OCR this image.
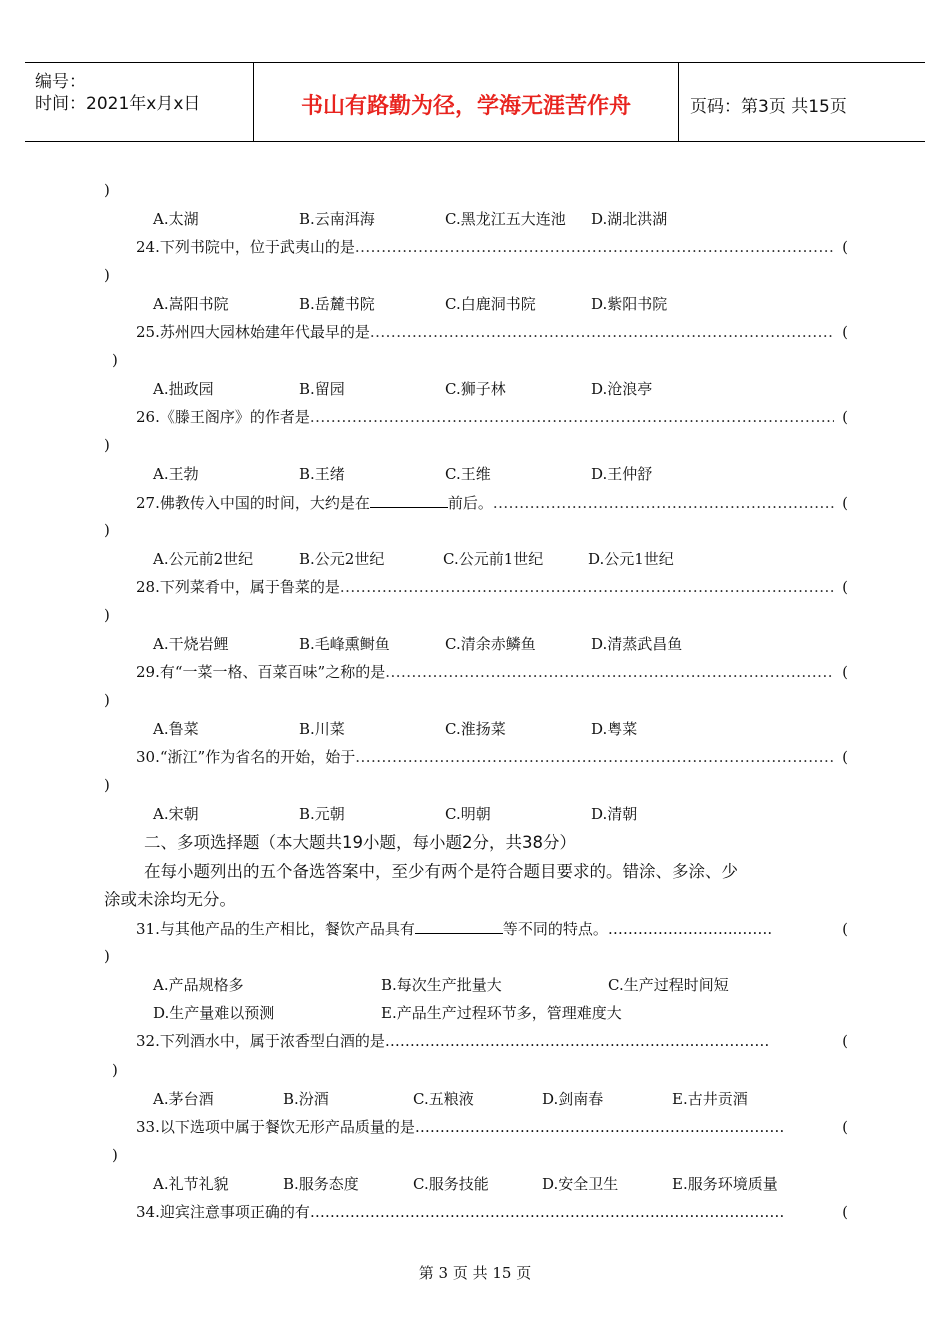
编号：
时间：2021年x月x日	书山有路勤为径，学海无涯苦作舟	页码：第3页 共15页
)
A.太湖	B.云南洱海	C.黑龙江五大连池 D.湖北洪湖
24.下列书院中，位于武夷山的是 .....	(
)
A.嵩阳书院	B.岳麓书院	C.白鹿洞书院	D.紫阳书院
25.苏州四大园林始建年代最早的是 .....	(
)
A.拙政园	B.留园	C.狮子林	D.沧浪亭
26.《滕王阁序》的作者是 .....	(
)
A.王勃	B.王绪	C.王维	D.王仲舒
27.佛教传入中国的时间，大约是在	前后。 .....	(
)
A.公元前2世纪	B.公元2世纪	C.公元前1世纪	D.公元1世纪
28.下列菜肴中，属于鲁菜的是 .....	(
)
A.干烧岩鲤	B.毛峰熏鲥鱼	C.清余赤鳞鱼	D.清蒸武昌鱼
29.有“一菜一格、百菜百味”之称的是 .....	(
)
A.鲁菜	B.川菜	C.淮扬菜	D.粤菜
30.“浙江”作为省名的开始，始于 .....	(
)
A.宋朝	B.元朝	C.明朝	D.清朝
二、多项选择题（本大题共19小题，每小题2分，共38分）
在每小题列出的五个备选答案中，至少有两个是符合题目要求的。错涂、多涂、少
涂或未涂均无分。
31.与其他产品的生产相比，餐饮产品具有	等不同的特点。 ……………………..…….	(
)
A.产品规格多	B.每次生产批量大	C.生产过程时间短
D.生产量难以预测	E.产品生产过程环节多，管理难度大
32.下列酒水中，属于浓香型白酒的是 ……………………………………………………..……………	(
)
A.茅台酒	B.汾酒	C.五粮液	D.剑南春	E.古井贡酒
33.以下选项中属于餐饮无形产品质量的是 …………………………………………………..……………	(
)
A.礼节礼貌	B.服务态度	C.服务技能	D.安全卫生	E.服务环境质量
34.迎宾注意事项正确的有 ……………………………………………………………..……………………	(
第 3 页 共 15 页
